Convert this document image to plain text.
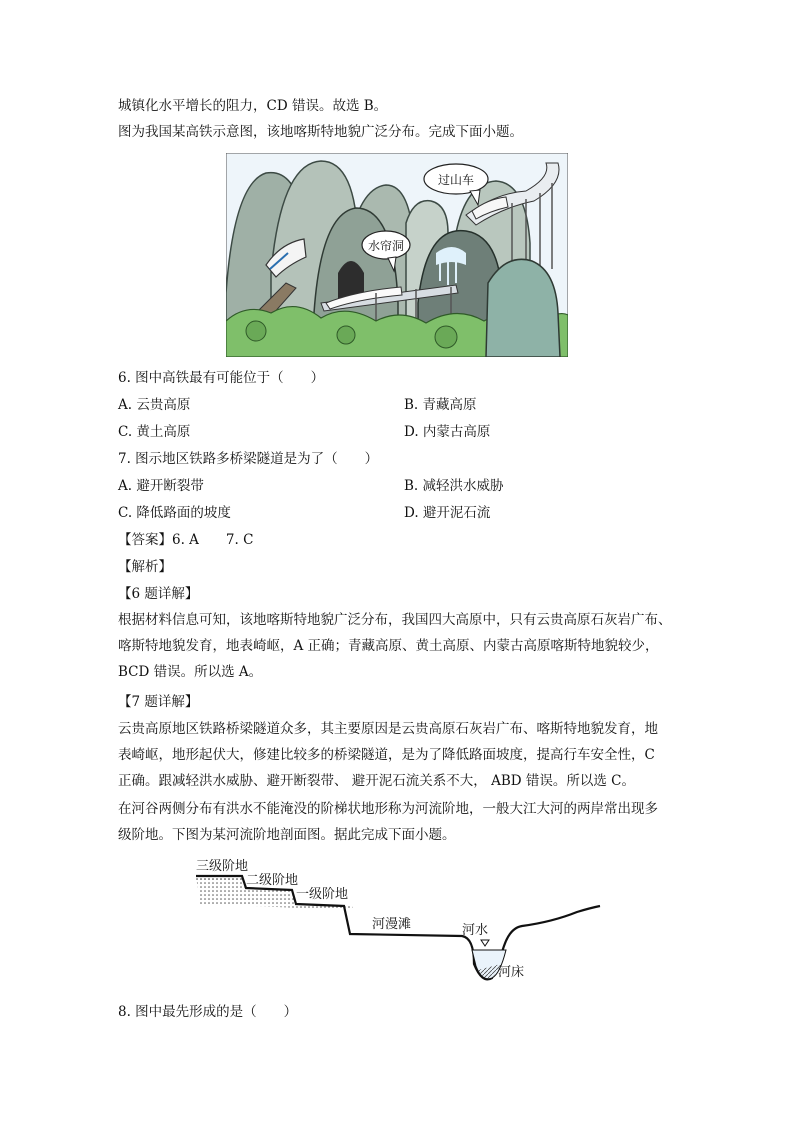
城镇化水平增长的阻力，CD 错误。故选 B。
图为我国某高铁示意图，该地喀斯特地貌广泛分布。完成下面小题。
水帘洞
过山车
6. 图中高铁最有可能位于（　　）
A. 云贵高原	B. 青藏高原
C. 黄土高原	D. 内蒙古高原
7. 图示地区铁路多桥梁隧道是为了（　　）
A. 避开断裂带	B. 减轻洪水威胁
C. 降低路面的坡度	D. 避开泥石流
【答案】6. A　　7. C
【解析】
【6 题详解】
根据材料信息可知，该地喀斯特地貌广泛分布，我国四大高原中，只有云贵高原石灰岩广布、
喀斯特地貌发育，地表崎岖，A 正确；青藏高原、黄土高原、内蒙古高原喀斯特地貌较少，
BCD 错误。所以选 A。
【7 题详解】
云贵高原地区铁路桥梁隧道众多，其主要原因是云贵高原石灰岩广布、喀斯特地貌发育，地
表崎岖，地形起伏大，修建比较多的桥梁隧道，是为了降低路面坡度，提高行车安全性，C
正确。跟减轻洪水威胁、避开断裂带、 避开泥石流关系不大， ABD 错误。所以选 C。
在河谷两侧分布有洪水不能淹没的阶梯状地形称为河流阶地，一般大江大河的两岸常出现多
级阶地。下图为某河流阶地剖面图。据此完成下面小题。
三级阶地
二级阶地
一级阶地
河漫滩	河水
河床
8. 图中最先形成的是（　　）
